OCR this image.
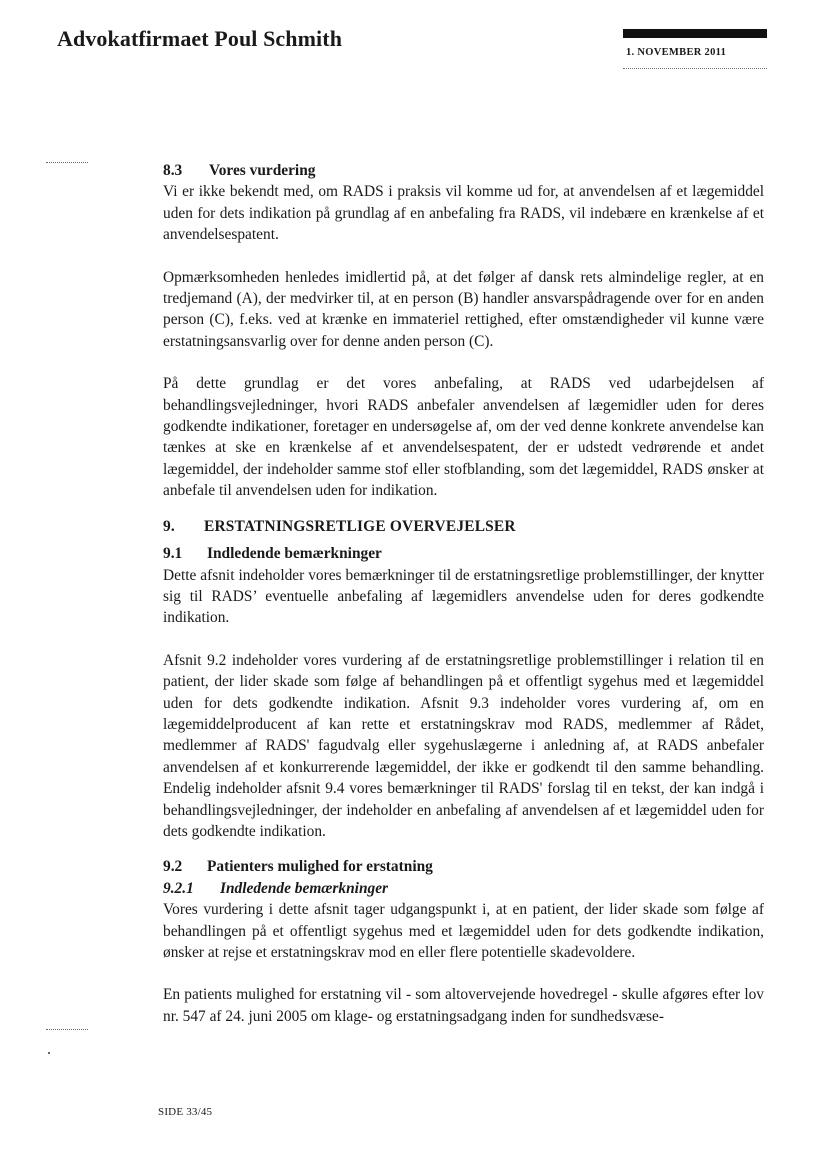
Advokatfirmaet Poul Schmith
1. NOVEMBER 2011
8.3 Vores vurdering

Vi er ikke bekendt med, om RADS i praksis vil komme ud for, at anvendelsen af et lægemiddel uden for dets indikation på grundlag af en anbefaling fra RADS, vil indebære en krænkelse af et anvendelsespatent.

Opmærksomheden henledes imidlertid på, at det følger af dansk rets almindelige regler, at en tredjemand (A), der medvirker til, at en person (B) handler ansvarspådragende over for en anden person (C), f.eks. ved at krænke en immateriel rettighed, efter omstændigheder vil kunne være erstatningsansvarlig over for denne anden person (C).

På dette grundlag er det vores anbefaling, at RADS ved udarbejdelsen af behandlingsvejledninger, hvori RADS anbefaler anvendelsen af lægemidler uden for deres godkendte indikationer, foretager en undersøgelse af, om der ved denne konkrete anvendelse kan tænkes at ske en krænkelse af et anvendelsespatent, der er udstedt vedrørende et andet lægemiddel, der indeholder samme stof eller stofblanding, som det lægemiddel, RADS ønsker at anbefale til anvendelsen uden for indikation.

9. ERSTATNINGSRETLIGE OVERVEJELSER
9.1 Indledende bemærkninger

Dette afsnit indeholder vores bemærkninger til de erstatningsretlige problemstillinger, der knytter sig til RADS’ eventuelle anbefaling af lægemidlers anvendelse uden for deres godkendte indikation.

Afsnit 9.2 indeholder vores vurdering af de erstatningsretlige problemstillinger i relation til en patient, der lider skade som følge af behandlingen på et offentligt sygehus med et lægemiddel uden for dets godkendte indikation. Afsnit 9.3 indeholder vores vurdering af, om en lægemiddelproducent af kan rette et erstatningskrav mod RADS, medlemmer af Rådet, medlemmer af RADS' fagudvalg eller sygehuslægerne i anledning af, at RADS anbefaler anvendelsen af et konkurrerende lægemiddel, der ikke er godkendt til den samme behandling. Endelig indeholder afsnit 9.4 vores bemærkninger til RADS' forslag til en tekst, der kan indgå i behandlingsvejledninger, der indeholder en anbefaling af anvendelsen af et lægemiddel uden for dets godkendte indikation.

9.2 Patienters mulighed for erstatning
9.2.1 Indledende bemærkninger

Vores vurdering i dette afsnit tager udgangspunkt i, at en patient, der lider skade som følge af behandlingen på et offentligt sygehus med et lægemiddel uden for dets godkendte indikation, ønsker at rejse et erstatningskrav mod en eller flere potentielle skadevoldere.

En patients mulighed for erstatning vil - som altovervejende hovedregel - skulle afgøres efter lov nr. 547 af 24. juni 2005 om klage- og erstatningsadgang inden for sundhedsvæse-

SIDE 33/45
